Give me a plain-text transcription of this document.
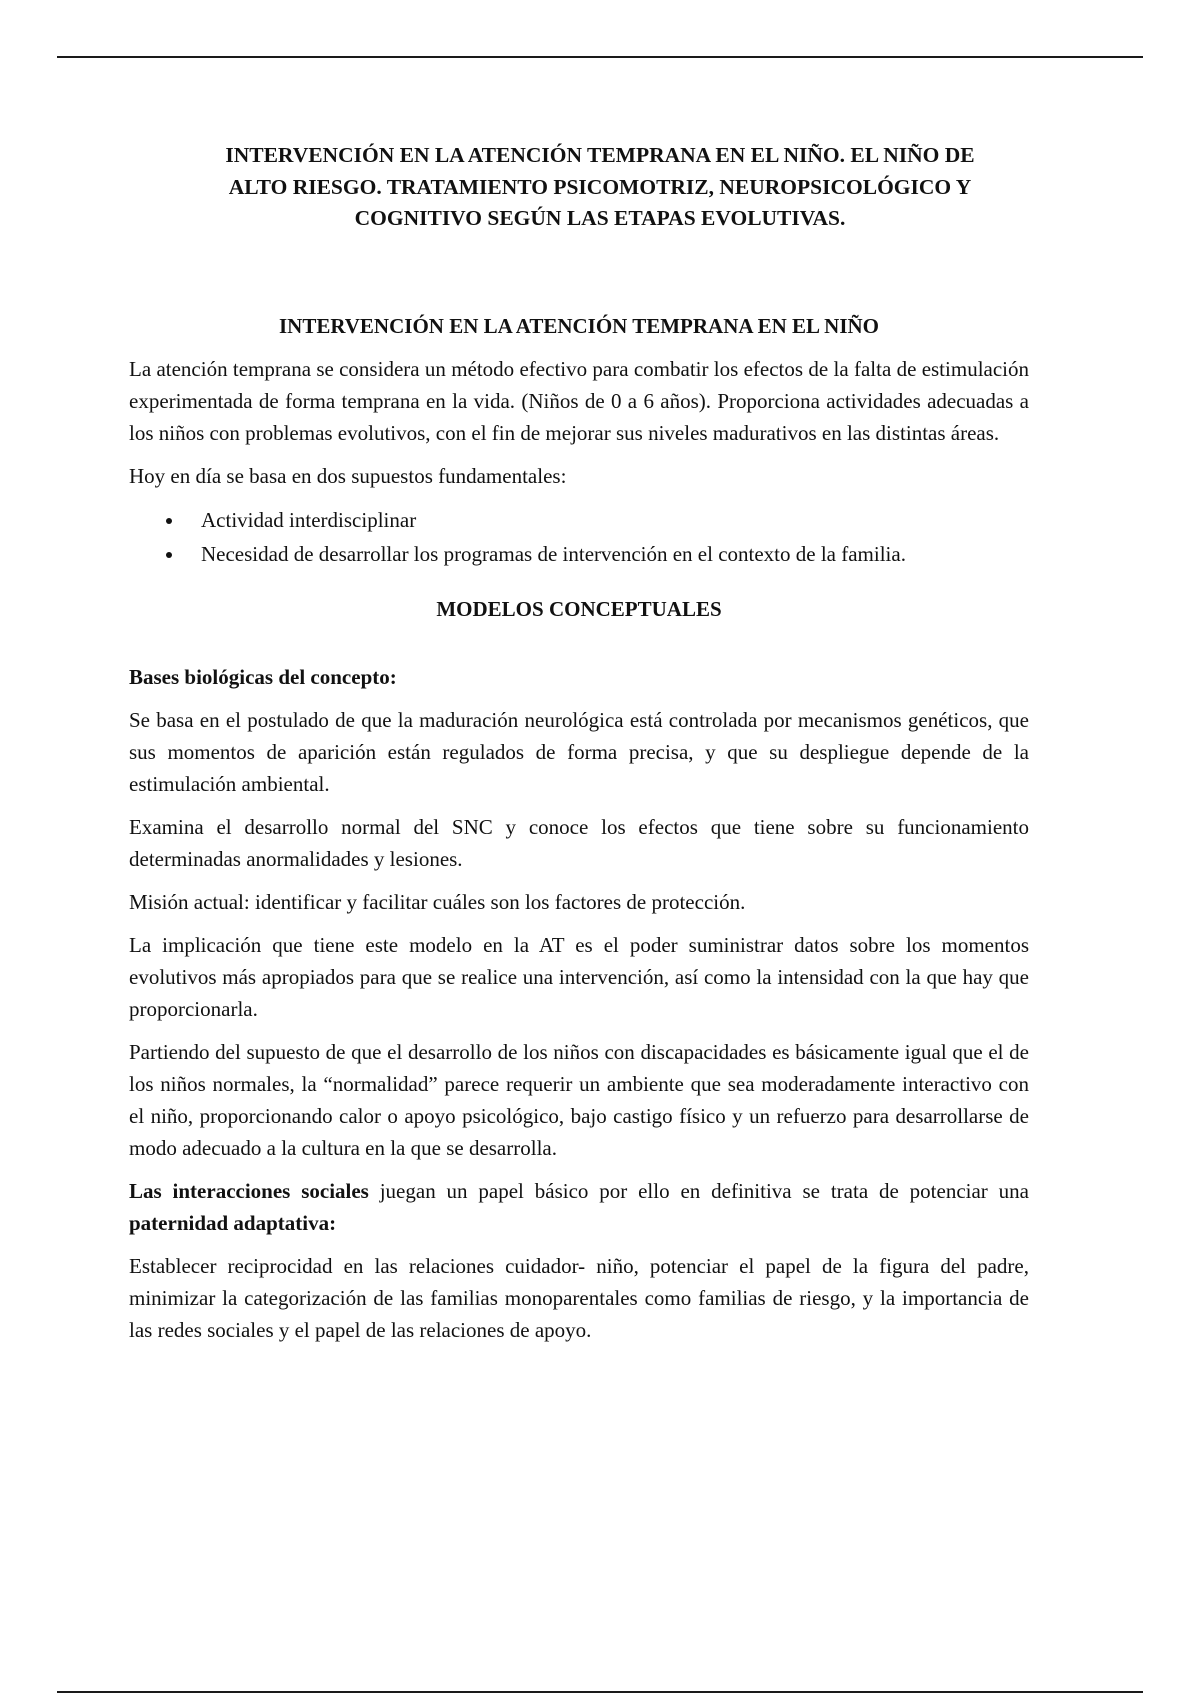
INTERVENCIÓN EN LA ATENCIÓN TEMPRANA EN EL NIÑO. EL NIÑO DE
ALTO RIESGO. TRATAMIENTO PSICOMOTRIZ, NEUROPSICOLÓGICO Y
COGNITIVO SEGÚN LAS ETAPAS EVOLUTIVAS.
INTERVENCIÓN EN LA ATENCIÓN TEMPRANA EN EL NIÑO

La atención temprana se considera un método efectivo para combatir los efectos de la falta de estimulación experimentada de forma temprana en la vida. (Niños de 0 a 6 años). Proporciona actividades adecuadas a los niños con problemas evolutivos, con el fin de mejorar sus niveles madurativos en las distintas áreas.

Hoy en día se basa en dos supuestos fundamentales:

Actividad interdisciplinar
Necesidad de desarrollar los programas de intervención en el contexto de la familia.
MODELOS CONCEPTUALES

Bases biológicas del concepto:

Se basa en el postulado de que la maduración neurológica está controlada por mecanismos genéticos, que sus momentos de aparición están regulados de forma precisa, y que su despliegue depende de la estimulación ambiental.

Examina el desarrollo normal del SNC y conoce los efectos que tiene sobre su funcionamiento determinadas anormalidades y lesiones.

Misión actual: identificar y facilitar cuáles son los factores de protección.

La implicación que tiene este modelo en la AT es el poder suministrar datos sobre los momentos evolutivos más apropiados para que se realice una intervención, así como la intensidad con la que hay que proporcionarla.

Partiendo del supuesto de que el desarrollo de los niños con discapacidades es básicamente igual que el de los niños normales, la “normalidad” parece requerir un ambiente que sea moderadamente interactivo con el niño, proporcionando calor o apoyo psicológico, bajo castigo físico y un refuerzo para desarrollarse de modo adecuado a la cultura en la que se desarrolla.

Las interacciones sociales juegan un papel básico por ello en definitiva se trata de potenciar una paternidad adaptativa:

Establecer reciprocidad en las relaciones cuidador- niño, potenciar el papel de la figura del padre, minimizar la categorización de las familias monoparentales como familias de riesgo, y la importancia de las redes sociales y el papel de las relaciones de apoyo.
